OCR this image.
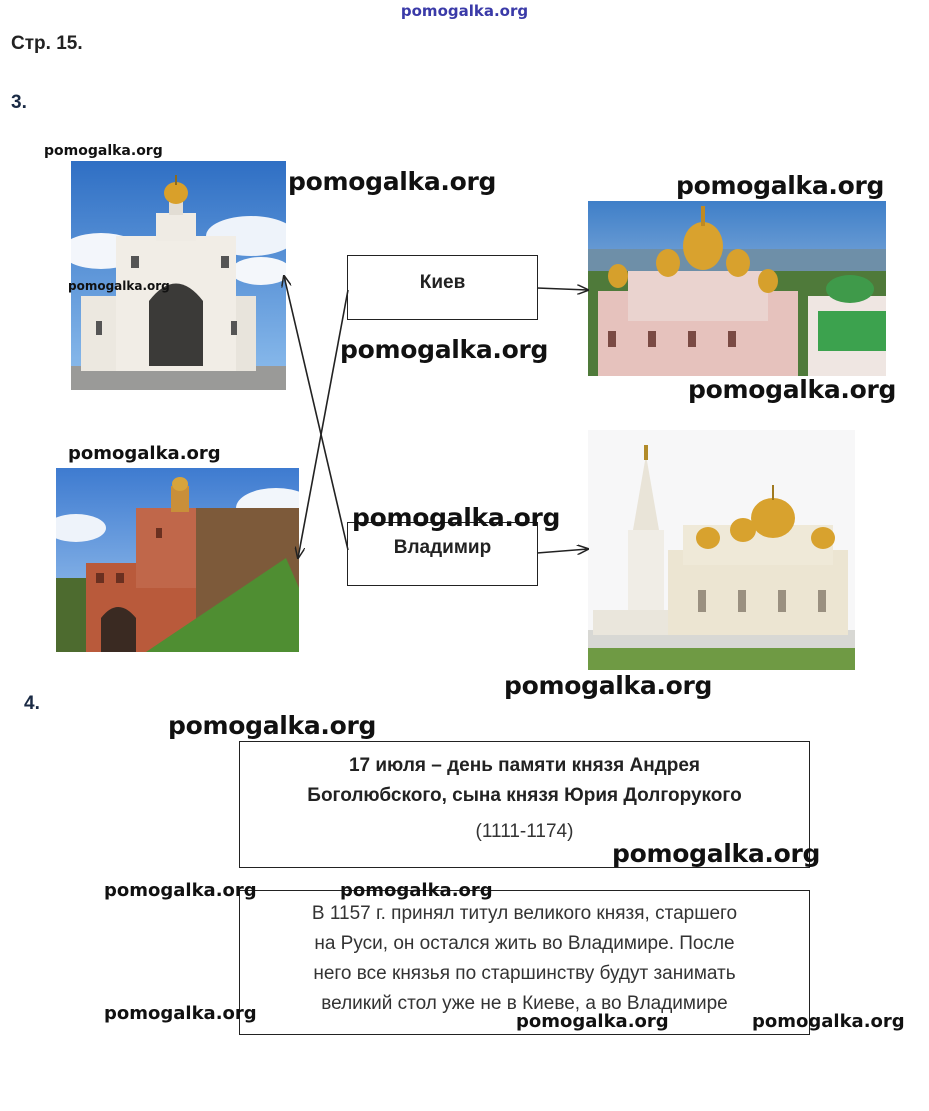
pomogalka.org
Стр. 15.
3.
Киев
Владимир
4.
17 июля – день памяти князя Андрея
Боголюбского, сына князя Юрия Долгорукого
(1111-1174)
В 1157 г. принял титул великого князя, старшего
на Руси, он остался жить во Владимире. После
него все князья по старшинству будут занимать
великий стол уже не в Киеве, а во Владимире
pomogalka.org
pomogalka.org	pomogalka.org
pomogalka.org
pomogalka.org
pomogalka.org
pomogalka.org
pomogalka.org
pomogalka.org
pomogalka.org
pomogalka.org
pomogalka.org	pomogalka.org
pomogalka.org	pomogalka.org	pomogalka.org
pomogalka.org
